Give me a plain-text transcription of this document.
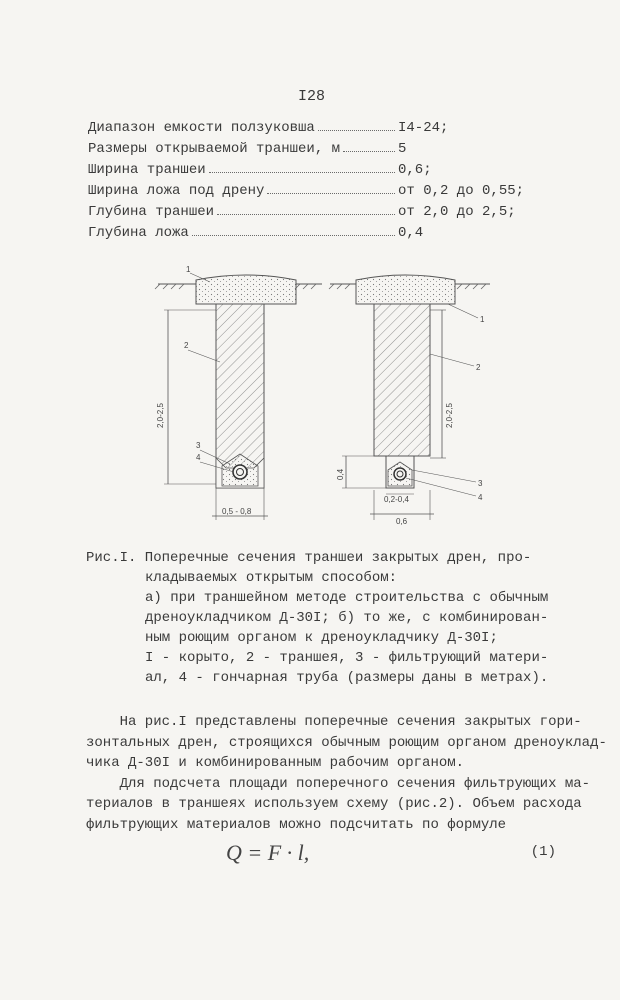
I28
Диапазон емкости ползуковша	I4-24;
Размеры открываемой траншеи, м	5
Ширина траншеи	0,6;
Ширина ложа под дрену	от 0,2 до 0,55;
Глубина траншеи	от 2,0 до 2,5;
Глубина ложа	0,4
2,0-2,5
0,5 - 0,8
1
2
3
4
2,0-2,5
0,4
0,2-0,4
0,6
1
2
3
4
Рис.I. Поперечные сечения траншеи закрытых дрен, про-

кладываемых открытым способом:

а) при траншейном методе строительства с обычным

дреноукладчиком Д-30I; б) то же, с комбинирован-

ным роющим органом к дреноукладчику Д-30I;

I - корыто, 2 - траншея, 3 - фильтрующий матери-

ал, 4 - гончарная труба (размеры даны в метрах).

На рис.I представлены поперечные сечения закрытых гори-

зонтальных дрен, строящихся обычным роющим органом дреноуклад-

чика Д-30I и комбинированным рабочим органом.

Для подсчета площади поперечного сечения фильтрующих ма-

териалов в траншеях используем схему (рис.2). Объем расхода

фильтрующих материалов можно подсчитать по формуле

Q = F · l,	(1)
